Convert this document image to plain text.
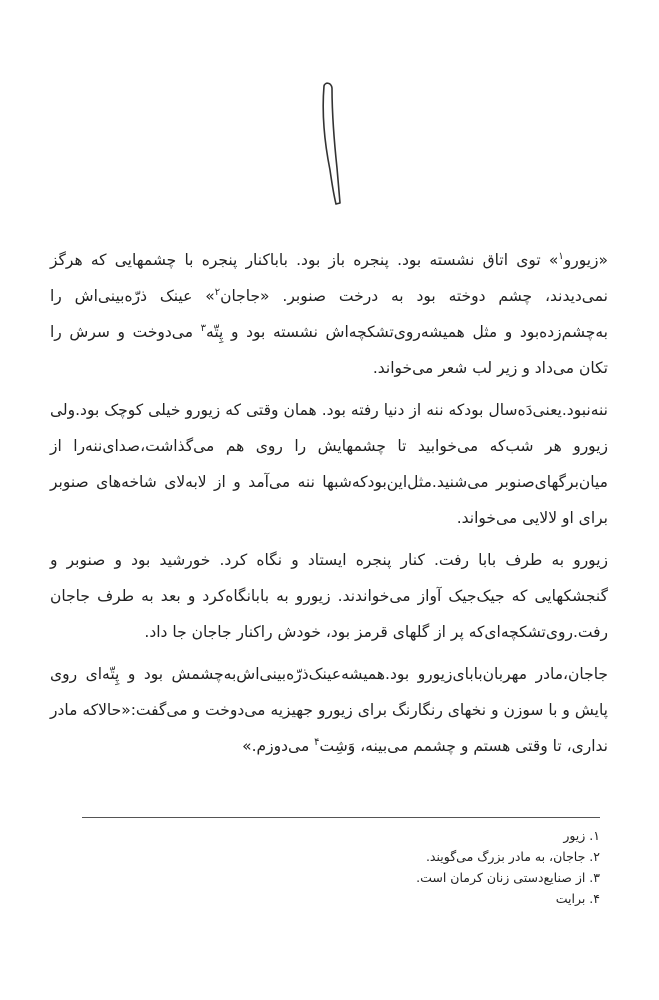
«زیورو$^۱$» توی اتاق نشسته بود. پنجره باز بود. باباکنار پنجره با چشمهایی که هرگز نمی‌دیدند، چشم دوخته بود به درخت صنوبر. «جاجان$^۲$» عینک ذرّه‌بینی‌اش را به‌چشم‌زده‌بود و مثل همیشه‌روی‌تشکچه‌اش نشسته بود و پِتّه$^۳$ می‌دوخت و سرش را تکان می‌داد و زیر لب شعر می‌خواند.

ننه‌نبود.یعنی‌دَه‌سال بودکه ننه از دنیا رفته بود. همان وقتی که زیورو خیلی کوچک بود.ولی زیورو هر شب‌که می‌خوابید تا چشمهایش را روی هم می‌گذاشت،صدای‌ننه‌را از میان‌برگهای‌صنوبر می‌شنید.مثل‌این‌بودکه‌شبها ننه می‌آمد و از لابه‌لای شاخه‌های صنوبر برای او لالایی می‌خواند.

زیورو به طرف بابا رفت. کنار پنجره ایستاد و نگاه کرد. خورشید بود و صنوبر و گنجشکهایی که جیک‌جیک آواز می‌خواندند. زیورو به بابانگاه‌کرد و بعد به طرف جاجان رفت.روی‌تشکچه‌ای‌که پر از گلهای قرمز بود، خودش راکنار جاجان جا داد.

جاجان،مادر مهربان‌بابای‌زیورو بود.همیشه‌عینک‌ذرّه‌بینی‌اش‌به‌چشمش بود و پِتّه‌ای روی پایش و با سوزن و نخهای رنگارنگ برای زیورو جهیزیه می‌دوخت و می‌گفت:«حالا‌که مادر نداری، تا وقتی هستم و چشمم می‌بینه، وَشِت$^۴$ می‌دوزم.»

۱. زیور
۲. جاجان، به مادر بزرگ می‌گویند.
۳. از صنایع‌دستی زنان کرمان است.
۴. برایت
